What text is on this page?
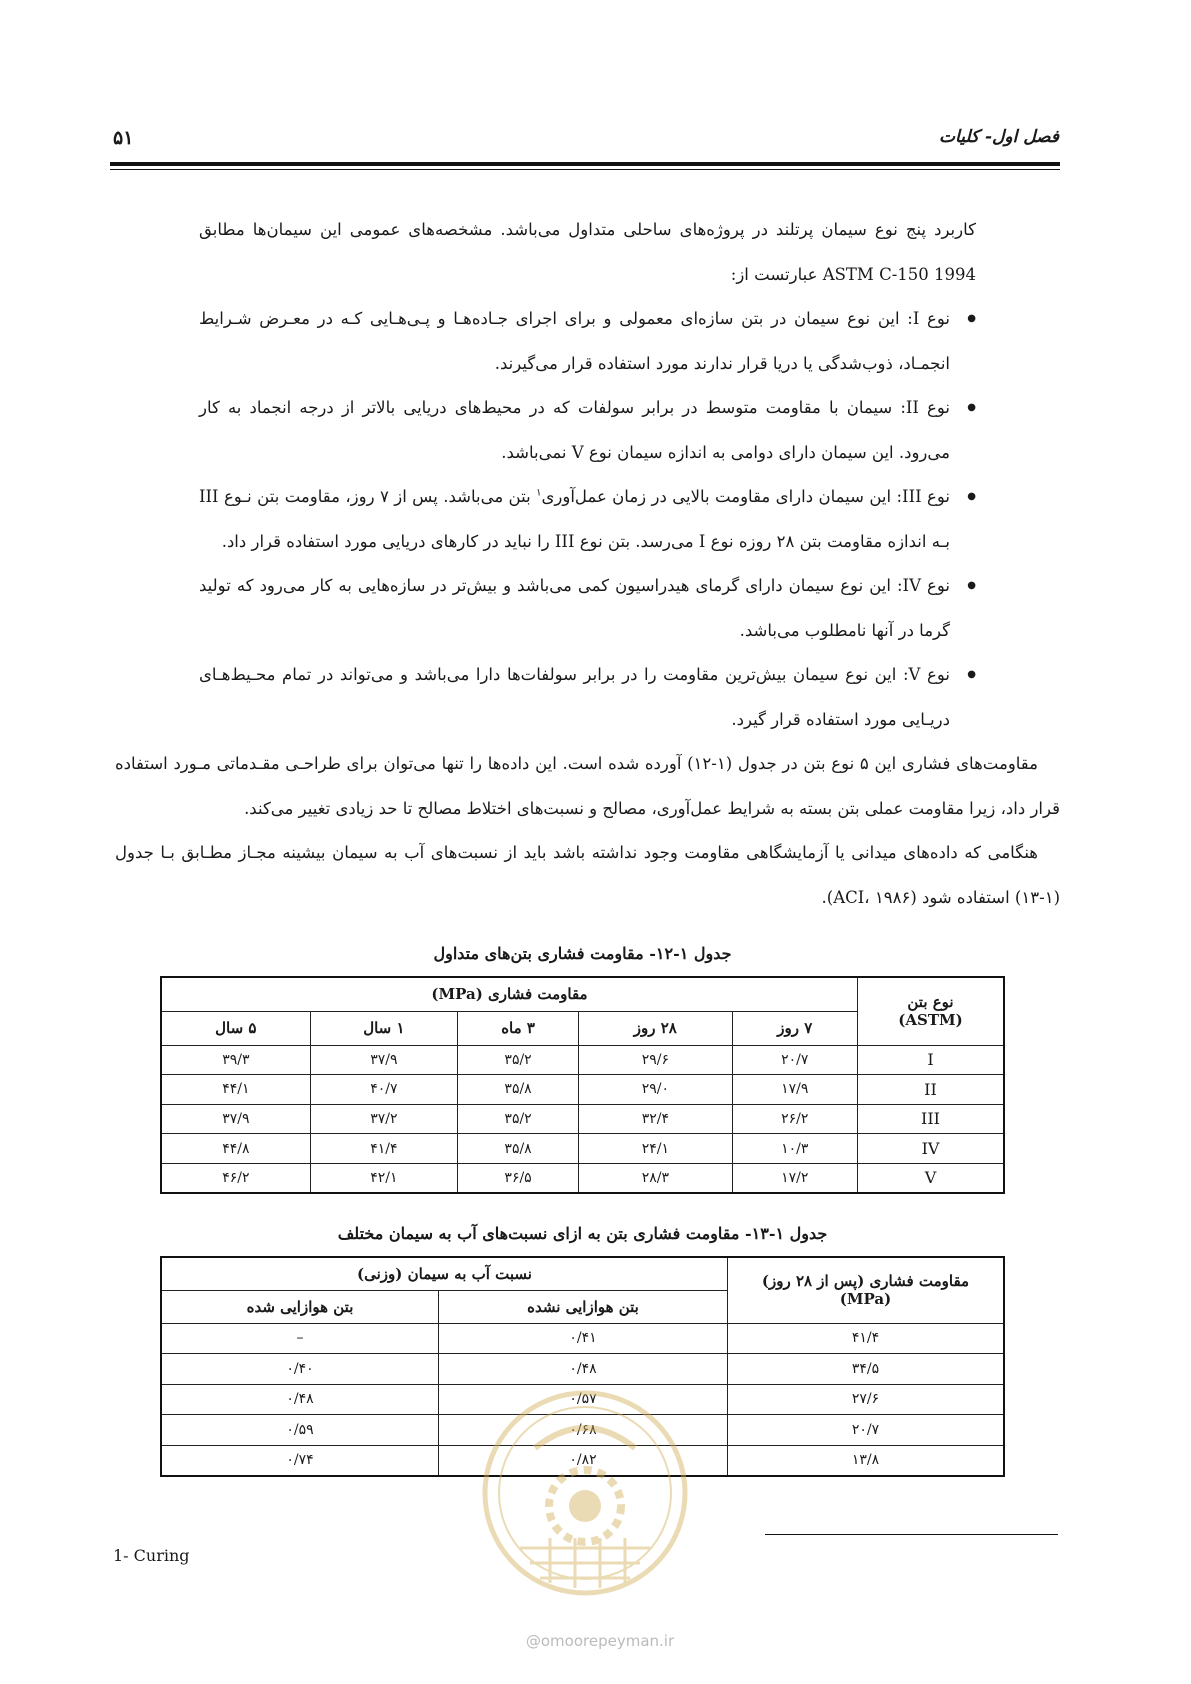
فصل اول- کلیات
۵۱

کاربرد پنج نوع سیمان پرتلند در پروژه‌های ساحلی متداول می‌باشد. مشخصه‌های عمومی این سیمان‌ها مطابق ASTM C-150 1994 عبارتست از:

● نوع I: این نوع سیمان در بتن سازه‌ای معمولی و برای اجرای جـاده‌هـا و پـی‌هـایی کـه در معـرض شـرایط انجمـاد، ذوب‌شدگی یا دریا قرار ندارند مورد استفاده قرار می‌گیرند.
● نوع II: سیمان با مقاومت متوسط در برابر سولفات که در محیط‌های دریایی بالاتر از درجه انجماد به کار می‌رود. این سیمان دارای دوامی به اندازه سیمان نوع V نمی‌باشد.
● نوع III: این سیمان دارای مقاومت بالایی در زمان عمل‌آوری$^۱$ بتن می‌باشد. پس از ۷ روز، مقاومت بتن نـوع III بـه اندازه مقاومت بتن ۲۸ روزه نوع I می‌رسد. بتن نوع III را نباید در کارهای دریایی مورد استفاده قرار داد.
● نوع IV: این نوع سیمان دارای گرمای هیدراسیون کمی می‌باشد و بیش‌تر در سازه‌هایی به کار می‌رود که تولید گرما در آنها نامطلوب می‌باشد.
● نوع V: این نوع سیمان بیش‌ترین مقاومت را در برابر سولفات‌ها دارا می‌باشد و می‌تواند در تمام محـیط‌هـای دریـایی مورد استفاده قرار گیرد.

مقاومت‌های فشاری این ۵ نوع بتن در جدول (۱-۱۲) آورده شده است. این داده‌ها را تنها می‌توان برای طراحـی مقـدماتی مـورد استفاده قرار داد، زیرا مقاومت عملی بتن بسته به شرایط عمل‌آوری، مصالح و نسبت‌های اختلاط مصالح تا حد زیادی تغییر می‌کند.

هنگامی که داده‌های میدانی یا آزمایشگاهی مقاومت وجود نداشته باشد باید از نسبت‌های آب به سیمان بیشینه مجـاز مطـابق بـا جدول (۱-۱۳) استفاده شود (ACI، ۱۹۸۶).

جدول ۱-۱۲- مقاومت فشاری بتن‌های متداول
نوع بتن
(ASTM)	مقاومت فشاری (MPa)				
	۷ روز	۲۸ روز	۳ ماه	۱ سال	۵ سال
I	۲۰/۷	۲۹/۶	۳۵/۲	۳۷/۹	۳۹/۳
II	۱۷/۹	۲۹/۰	۳۵/۸	۴۰/۷	۴۴/۱
III	۲۶/۲	۳۲/۴	۳۵/۲	۳۷/۲	۳۷/۹
IV	۱۰/۳	۲۴/۱	۳۵/۸	۴۱/۴	۴۴/۸
V	۱۷/۲	۲۸/۳	۳۶/۵	۴۲/۱	۴۶/۲
جدول ۱-۱۳- مقاومت فشاری بتن به ازای نسبت‌های آب به سیمان مختلف
مقاومت فشاری (پس از ۲۸ روز)
(MPa)	نسبت آب به سیمان (وزنی)	
	بتن هوازایی نشده	بتن هوازایی شده
۴۱/۴	۰/۴۱	–
۳۴/۵	۰/۴۸	۰/۴۰
۲۷/۶	۰/۵۷	۰/۴۸
۲۰/۷	۰/۶۸	۰/۵۹
۱۳/۸	۰/۸۲	۰/۷۴
@omoorepeyman.ir
1- Curing
